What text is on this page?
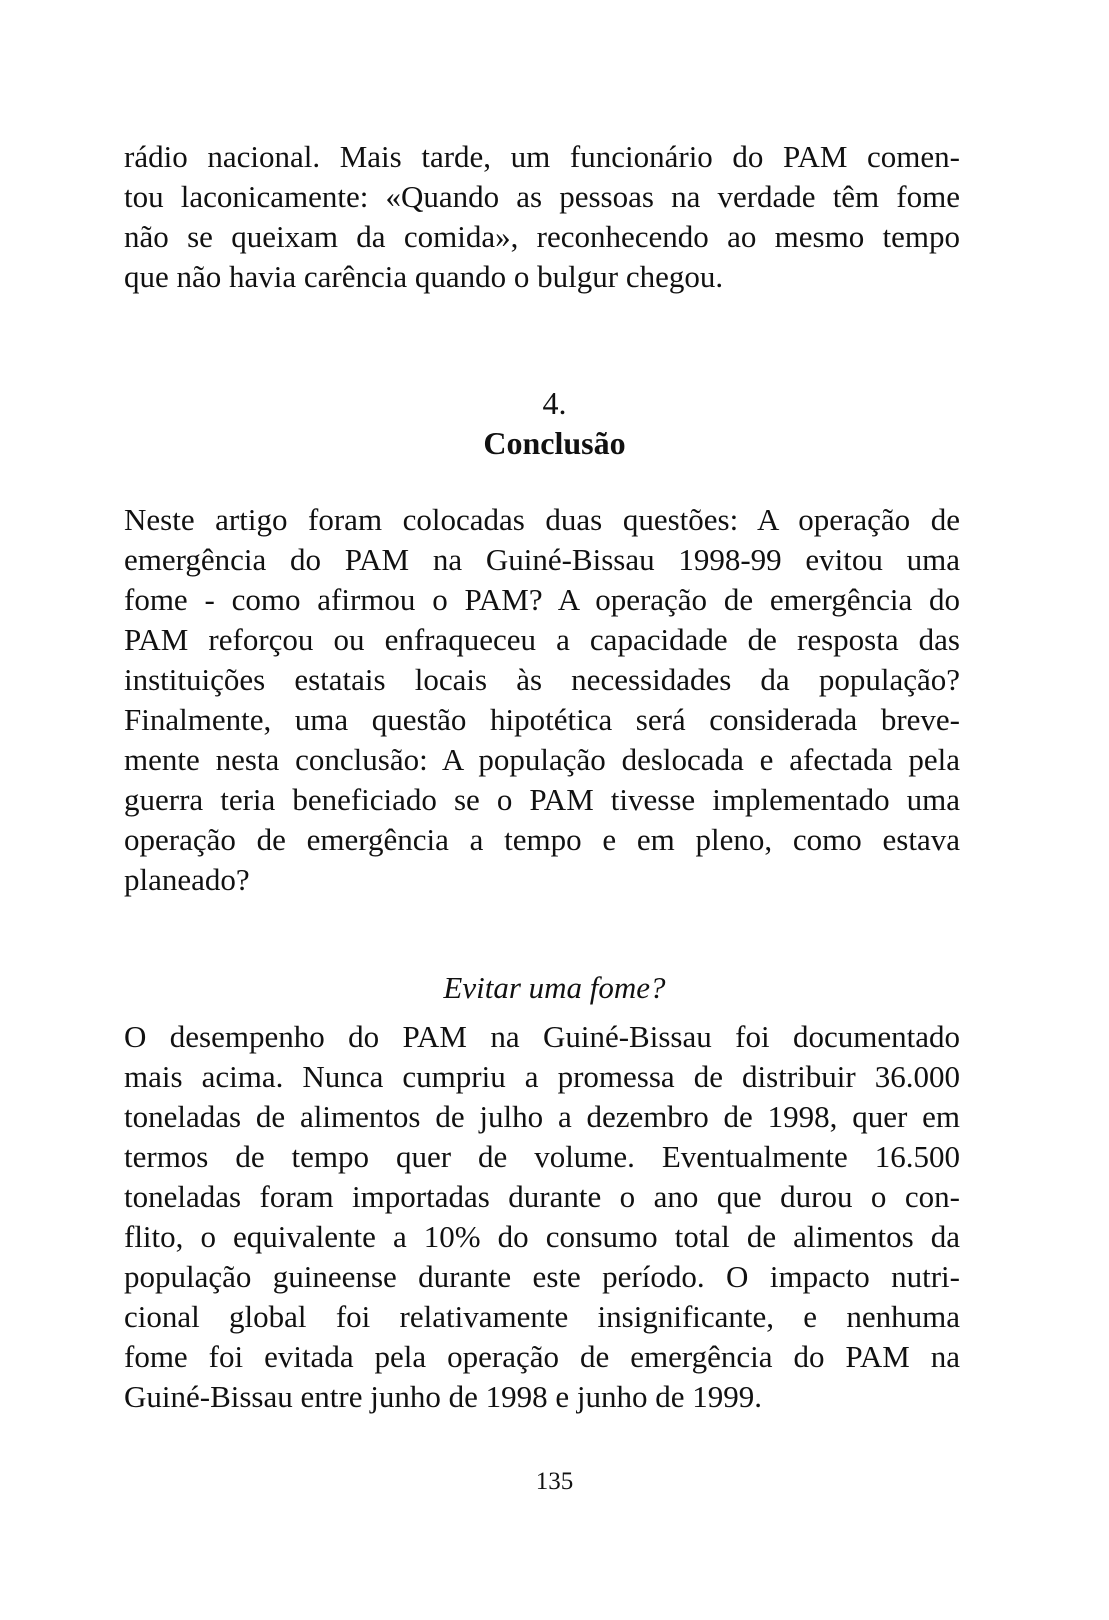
rádio nacional. Mais tarde, um funcionário do PAM comen-
tou laconicamente: «Quando as pessoas na verdade têm fome
não se queixam da comida», reconhecendo ao mesmo tempo
que não havia carência quando o bulgur chegou.
4.
Conclusão
Neste artigo foram colocadas duas questões: A operação de
emergência do PAM na Guiné-Bissau 1998-99 evitou uma
fome - como afirmou o PAM? A operação de emergência do
PAM reforçou ou enfraqueceu a capacidade de resposta das
instituições estatais locais às necessidades da população?
Finalmente, uma questão hipotética será considerada breve-
mente nesta conclusão: A população deslocada e afectada pela
guerra teria beneficiado se o PAM tivesse implementado uma
operação de emergência a tempo e em pleno, como estava
planeado?
Evitar uma fome?
O desempenho do PAM na Guiné-Bissau foi documentado
mais acima. Nunca cumpriu a promessa de distribuir 36.000
toneladas de alimentos de julho a dezembro de 1998, quer em
termos de tempo quer de volume. Eventualmente 16.500
toneladas foram importadas durante o ano que durou o con-
flito, o equivalente a 10% do consumo total de alimentos da
população guineense durante este período. O impacto nutri-
cional global foi relativamente insignificante, e nenhuma
fome foi evitada pela operação de emergência do PAM na
Guiné-Bissau entre junho de 1998 e junho de 1999.
135
